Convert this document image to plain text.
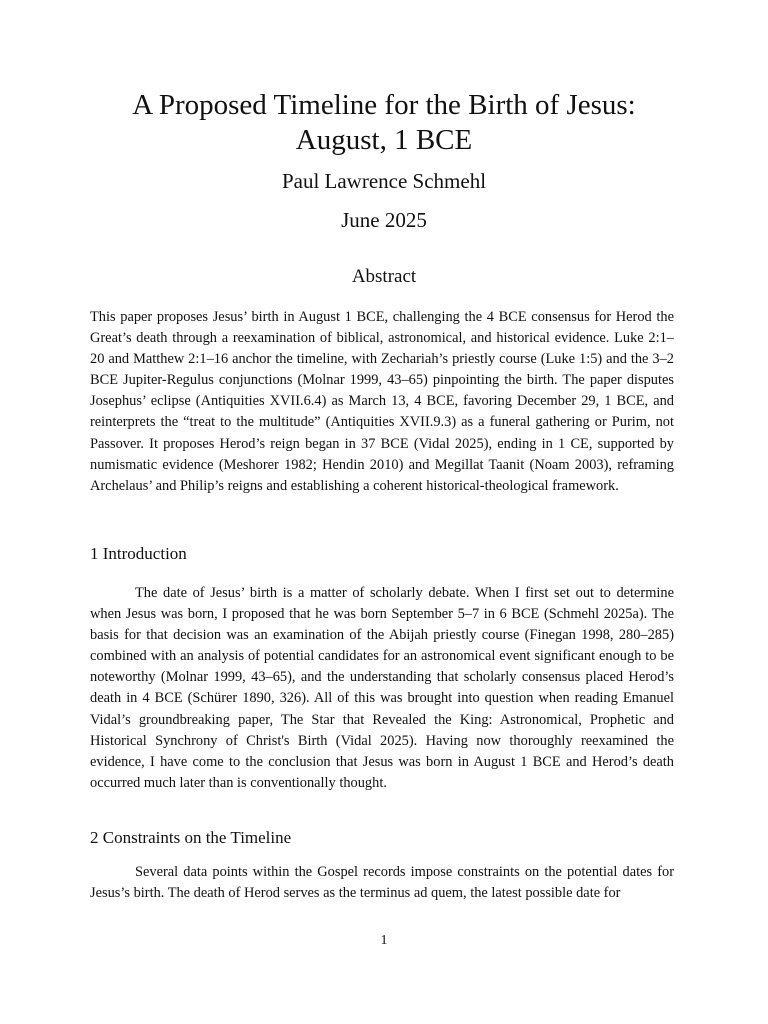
A Proposed Timeline for the Birth of Jesus:
August, 1 BCE
Paul Lawrence Schmehl
June 2025
Abstract

This paper proposes Jesus’ birth in August 1 BCE, challenging the 4 BCE consensus for Herod the Great’s death through a reexamination of biblical, astronomical, and historical evidence. Luke 2:1–20 and Matthew 2:1–16 anchor the timeline, with Zechariah’s priestly course (Luke 1:5) and the 3–2 BCE Jupiter-Regulus conjunctions (Molnar 1999, 43–65) pinpointing the birth. The paper disputes Josephus’ eclipse (Antiquities XVII.6.4) as March 13, 4 BCE, favoring December 29, 1 BCE, and reinterprets the “treat to the multitude” (Antiquities XVII.9.3) as a funeral gathering or Purim, not Passover. It proposes Herod’s reign began in 37 BCE (Vidal 2025), ending in 1 CE, supported by numismatic evidence (Meshorer 1982; Hendin 2010) and Megillat Taanit (Noam 2003), reframing Archelaus’ and Philip’s reigns and establishing a coherent historical-theological framework.

1 Introduction

The date of Jesus’ birth is a matter of scholarly debate. When I first set out to determine when Jesus was born, I proposed that he was born September 5–7 in 6 BCE (Schmehl 2025a). The basis for that decision was an examination of the Abijah priestly course (Finegan 1998, 280–285) combined with an analysis of potential candidates for an astronomical event significant enough to be noteworthy (Molnar 1999, 43–65), and the understanding that scholarly consensus placed Herod’s death in 4 BCE (Schürer 1890, 326). All of this was brought into question when reading Emanuel Vidal’s groundbreaking paper, The Star that Revealed the King: Astronomical, Prophetic and Historical Synchrony of Christ's Birth (Vidal 2025). Having now thoroughly reexamined the evidence, I have come to the conclusion that Jesus was born in August 1 BCE and Herod’s death occurred much later than is conventionally thought.

2 Constraints on the Timeline

Several data points within the Gospel records impose constraints on the potential dates for Jesus’s birth. The death of Herod serves as the terminus ad quem, the latest possible date for

1
